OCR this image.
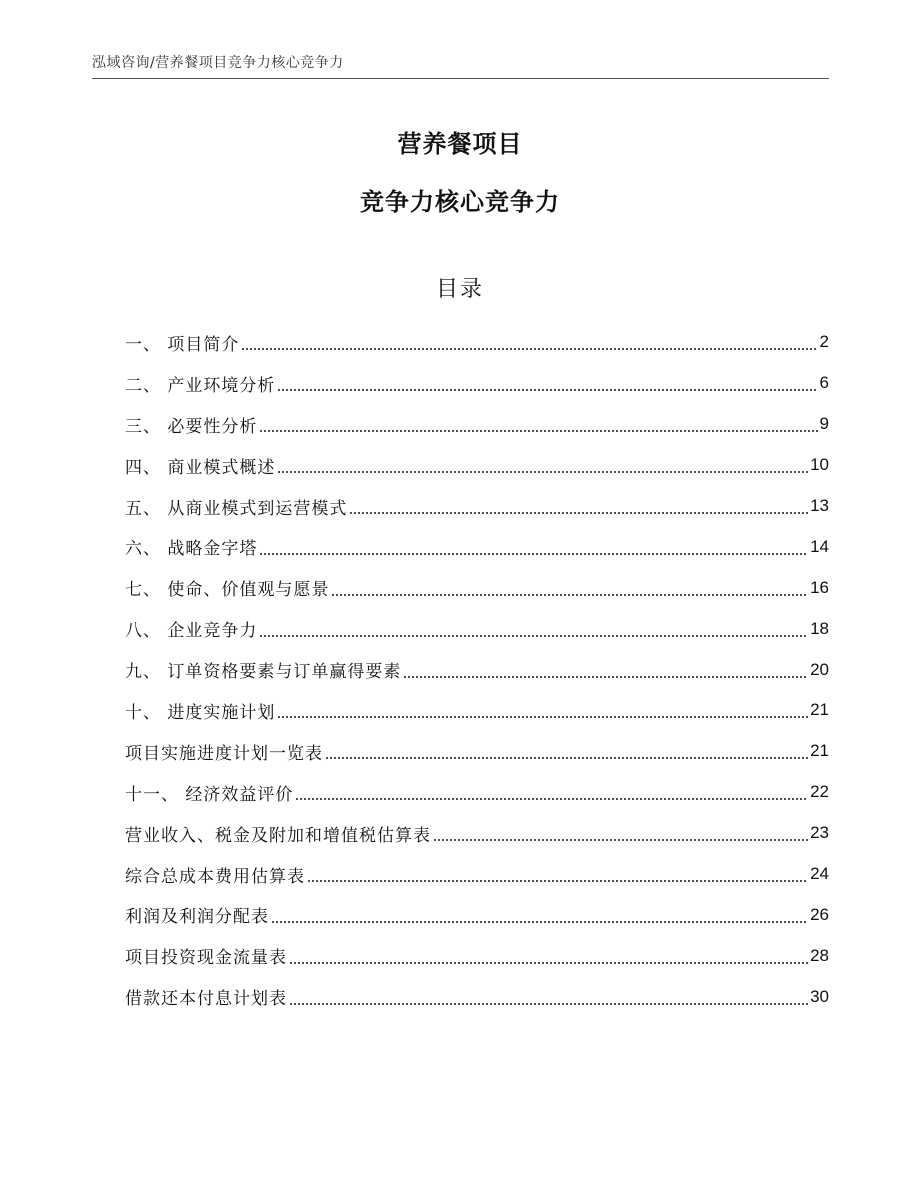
泓域咨询/营养餐项目竞争力核心竞争力
营养餐项目
竞争力核心竞争力
目录
一、 项目简介	2
二、 产业环境分析	6
三、 必要性分析	9
四、 商业模式概述	10
五、 从商业模式到运营模式	13
六、 战略金字塔	14
七、 使命、价值观与愿景	16
八、 企业竞争力	18
九、 订单资格要素与订单赢得要素	20
十、 进度实施计划	21
项目实施进度计划一览表	21
十一、 经济效益评价	22
营业收入、税金及附加和增值税估算表	23
综合总成本费用估算表	24
利润及利润分配表	26
项目投资现金流量表	28
借款还本付息计划表	30
